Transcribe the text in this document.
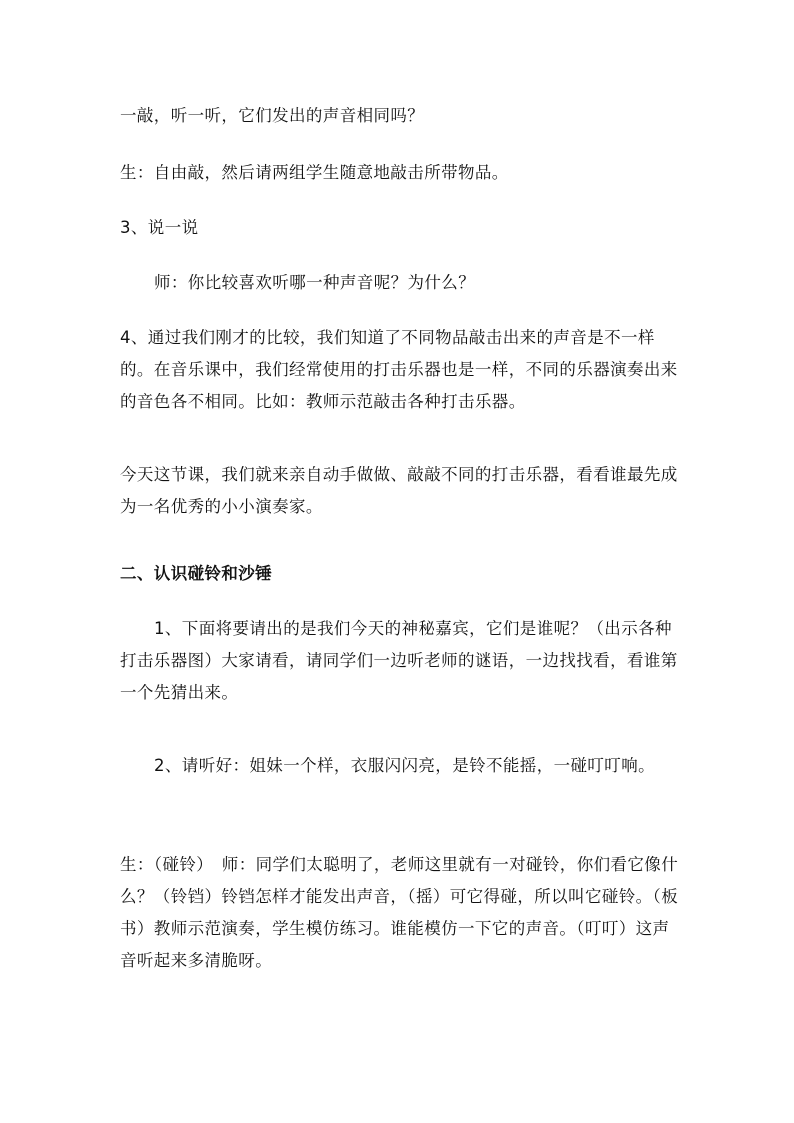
一敲，听一听，它们发出的声音相同吗？

生：自由敲，然后请两组学生随意地敲击所带物品。

3、说一说

师：你比较喜欢听哪一种声音呢？为什么？

4、通过我们刚才的比较，我们知道了不同物品敲击出来的声音是不一样的。在音乐课中，我们经常使用的打击乐器也是一样，不同的乐器演奏出来的音色各不相同。比如：教师示范敲击各种打击乐器。

今天这节课，我们就来亲自动手做做、敲敲不同的打击乐器，看看谁最先成为一名优秀的小小演奏家。

二、认识碰铃和沙锤

1、下面将要请出的是我们今天的神秘嘉宾，它们是谁呢？（出示各种打击乐器图）大家请看，请同学们一边听老师的谜语，一边找找看，看谁第一个先猜出来。

2、请听好：姐妹一个样，衣服闪闪亮，是铃不能摇，一碰叮叮响。

生：（碰铃）　师：同学们太聪明了，老师这里就有一对碰铃，你们看它像什么？（铃铛）铃铛怎样才能发出声音，（摇）可它得碰，所以叫它碰铃。（板书）教师示范演奏，学生模仿练习。谁能模仿一下它的声音。（叮叮）这声音听起来多清脆呀。
